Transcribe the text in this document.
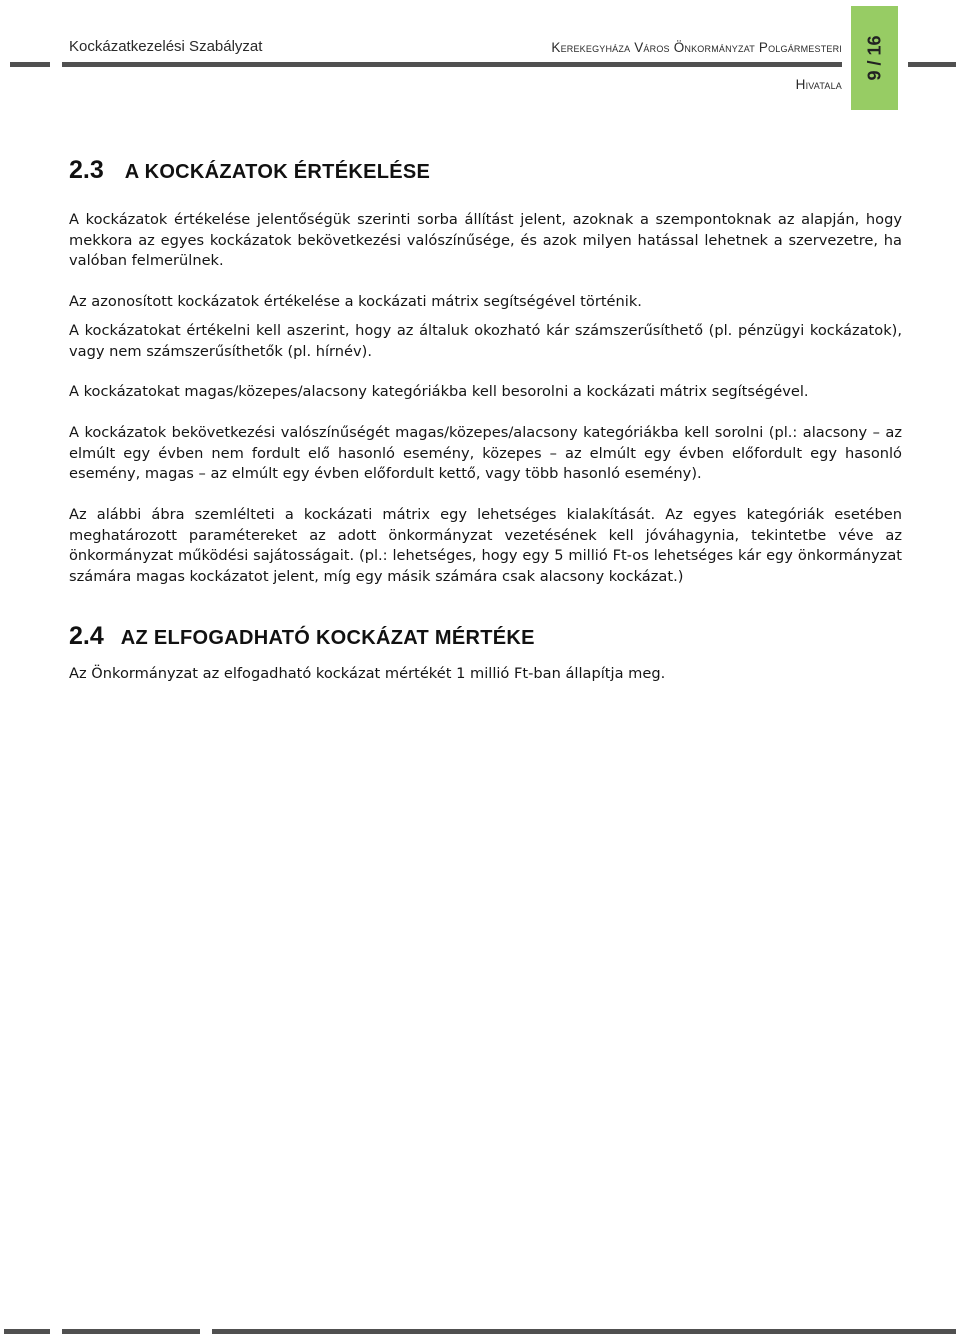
Kockázatkezelési Szabályzat	Kerekegyháza Város Önkormányzat Polgármesteri
Hivatala
9 / 16
2.3 A KOCKÁZATOK ÉRTÉKELÉSE

A kockázatok értékelése jelentőségük szerinti sorba állítást jelent, azoknak a szempontoknak az alapján, hogy mekkora az egyes kockázatok bekövetkezési valószínűsége, és azok milyen hatással lehetnek a szervezetre, ha valóban felmerülnek.

Az azonosított kockázatok értékelése a kockázati mátrix segítségével történik.

A kockázatokat értékelni kell aszerint, hogy az általuk okozható kár számszerűsíthető (pl. pénzügyi kockázatok), vagy nem számszerűsíthetők (pl. hírnév).

A kockázatokat magas/közepes/alacsony kategóriákba kell besorolni a kockázati mátrix segítségével.

A kockázatok bekövetkezési valószínűségét magas/közepes/alacsony kategóriákba kell sorolni (pl.: alacsony – az elmúlt egy évben nem fordult elő hasonló esemény, közepes – az elmúlt egy évben előfordult egy hasonló esemény, magas – az elmúlt egy évben előfordult kettő, vagy több hasonló esemény).

Az alábbi ábra szemlélteti a kockázati mátrix egy lehetséges kialakítását. Az egyes kategóriák esetében meghatározott paramétereket az adott önkormányzat vezetésének kell jóváhagynia, tekintetbe véve az önkormányzat működési sajátosságait. (pl.: lehetséges, hogy egy 5 millió Ft-os lehetséges kár egy önkormányzat számára magas kockázatot jelent, míg egy másik számára csak alacsony kockázat.)

2.4 AZ ELFOGADHATÓ KOCKÁZAT MÉRTÉKE

Az Önkormányzat az elfogadható kockázat mértékét 1 millió Ft-ban állapítja meg.
